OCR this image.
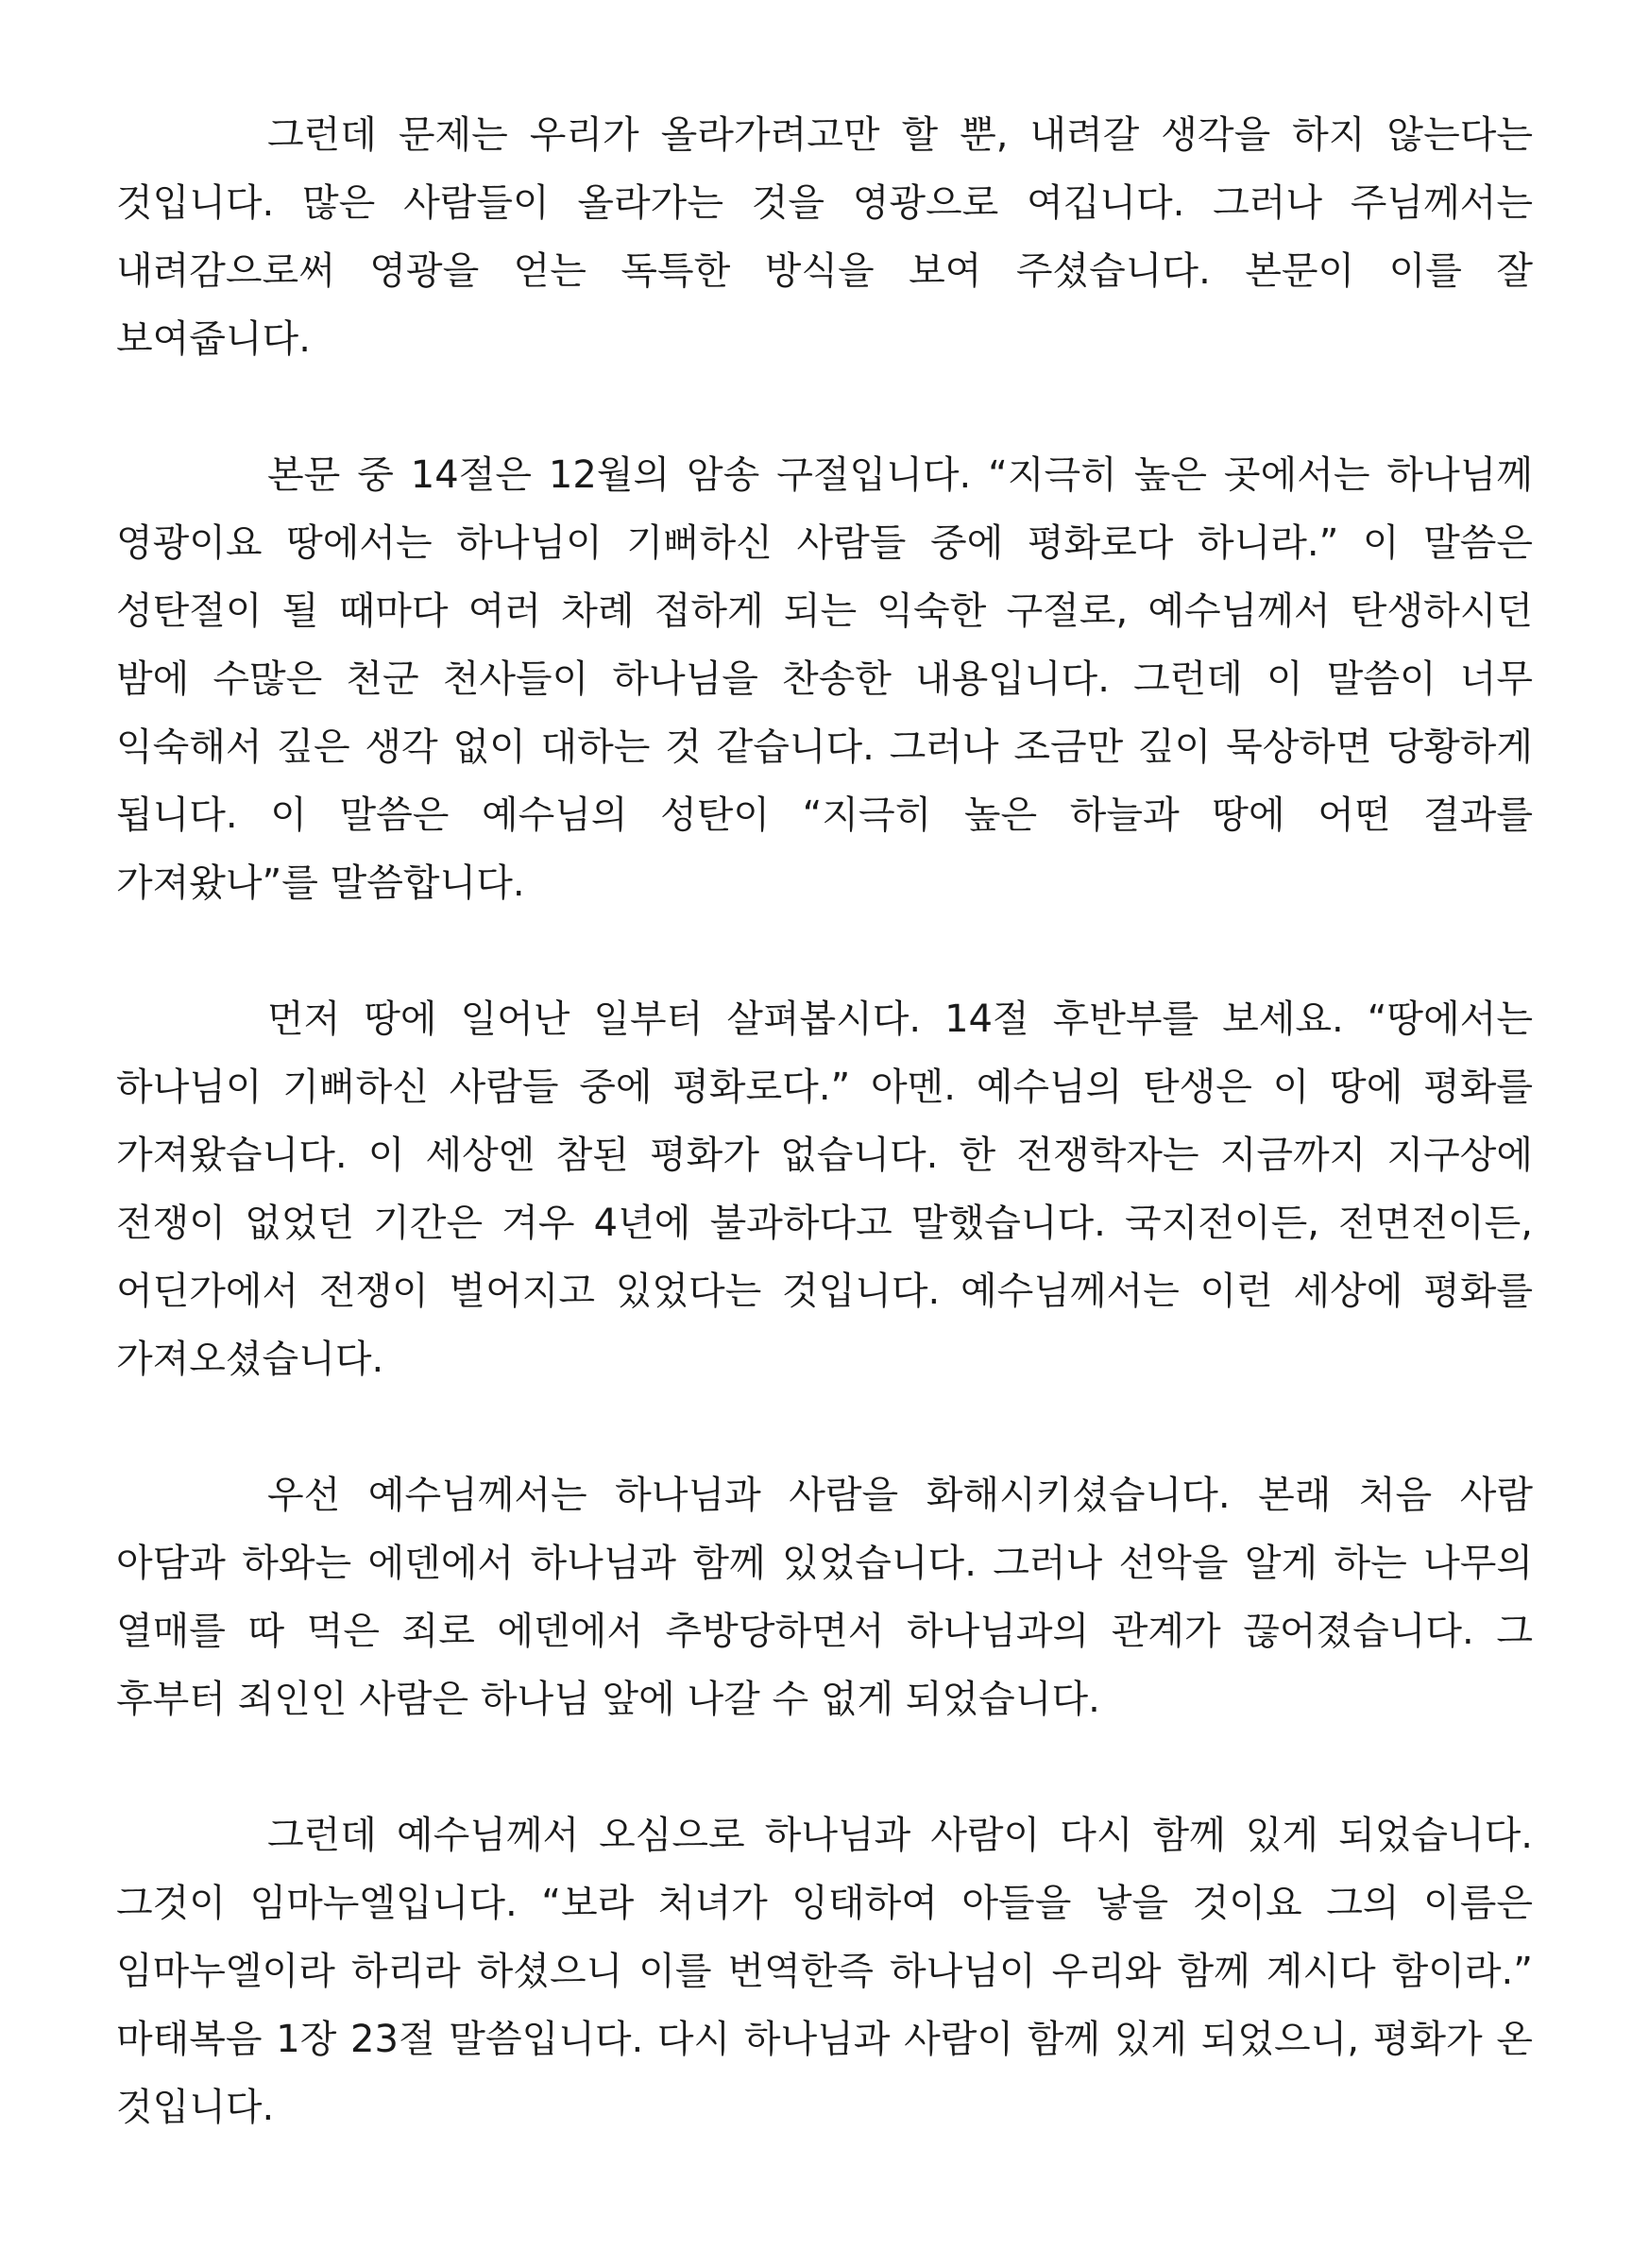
그런데 문제는 우리가 올라가려고만 할 뿐, 내려갈 생각을 하지 않는다는 것입니다. 많은 사람들이 올라가는 것을 영광으로 여깁니다. 그러나 주님께서는 내려감으로써 영광을 얻는 독특한 방식을 보여 주셨습니다. 본문이 이를 잘 보여줍니다.

본문 중 14절은 12월의 암송 구절입니다. “지극히 높은 곳에서는 하나님께 영광이요 땅에서는 하나님이 기뻐하신 사람들 중에 평화로다 하니라.” 이 말씀은 성탄절이 될 때마다 여러 차례 접하게 되는 익숙한 구절로, 예수님께서 탄생하시던 밤에 수많은 천군 천사들이 하나님을 찬송한 내용입니다. 그런데 이 말씀이 너무 익숙해서 깊은 생각 없이 대하는 것 같습니다. 그러나 조금만 깊이 묵상하면 당황하게 됩니다. 이 말씀은 예수님의 성탄이 “지극히 높은 하늘과 땅에 어떤 결과를 가져왔나”를 말씀합니다.

먼저 땅에 일어난 일부터 살펴봅시다. 14절 후반부를 보세요. “땅에서는 하나님이 기뻐하신 사람들 중에 평화로다.” 아멘. 예수님의 탄생은 이 땅에 평화를 가져왔습니다. 이 세상엔 참된 평화가 없습니다. 한 전쟁학자는 지금까지 지구상에 전쟁이 없었던 기간은 겨우 4년에 불과하다고 말했습니다. 국지전이든, 전면전이든, 어딘가에서 전쟁이 벌어지고 있었다는 것입니다. 예수님께서는 이런 세상에 평화를 가져오셨습니다.

우선 예수님께서는 하나님과 사람을 화해시키셨습니다. 본래 처음 사람 아담과 하와는 에덴에서 하나님과 함께 있었습니다. 그러나 선악을 알게 하는 나무의 열매를 따 먹은 죄로 에덴에서 추방당하면서 하나님과의 관계가 끊어졌습니다. 그 후부터 죄인인 사람은 하나님 앞에 나갈 수 없게 되었습니다.

그런데 예수님께서 오심으로 하나님과 사람이 다시 함께 있게 되었습니다. 그것이 임마누엘입니다. “보라 처녀가 잉태하여 아들을 낳을 것이요 그의 이름은 임마누엘이라 하리라 하셨으니 이를 번역한즉 하나님이 우리와 함께 계시다 함이라.” 마태복음 1장 23절 말씀입니다. 다시 하나님과 사람이 함께 있게 되었으니, 평화가 온 것입니다.
